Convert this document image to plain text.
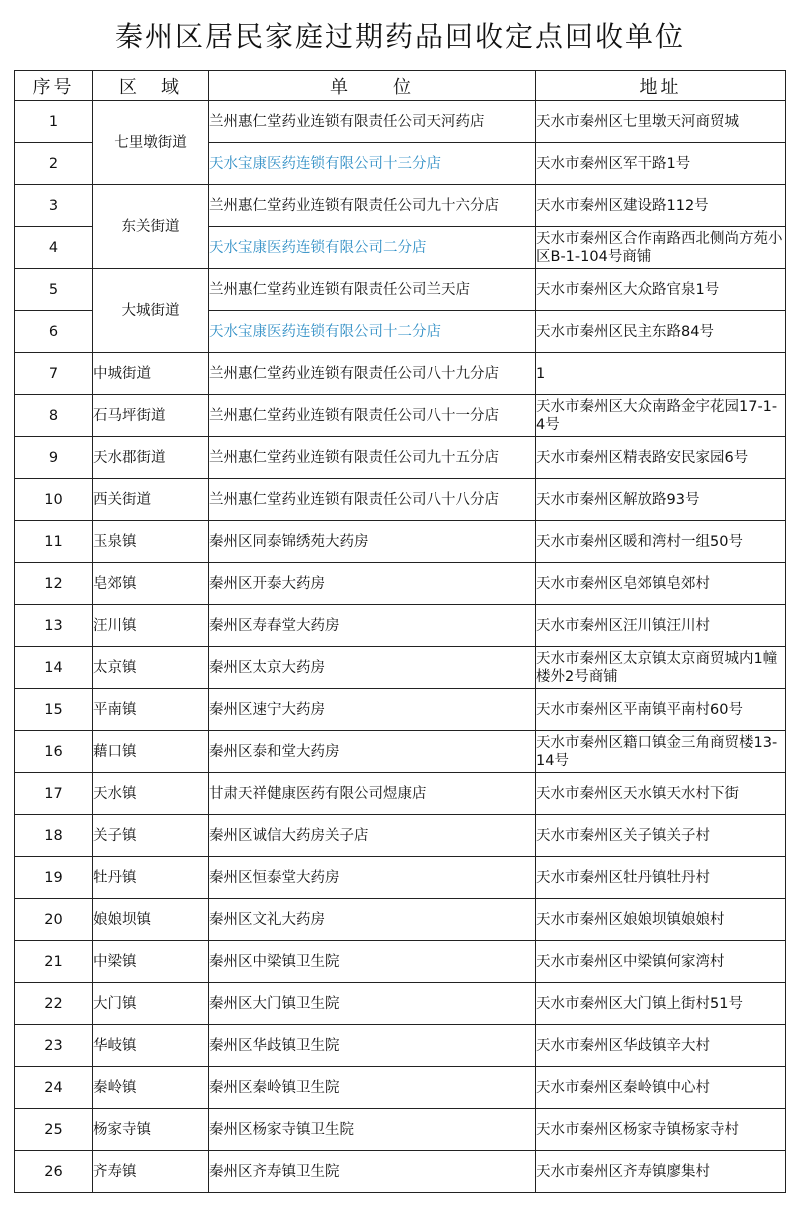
秦州区居民家庭过期药品回收定点回收单位
序号	区　域	单　　位	地址
1	七里墩街道	兰州惠仁堂药业连锁有限责任公司天河药店	天水市秦州区七里墩天河商贸城
2		天水宝康医药连锁有限公司十三分店	天水市秦州区军干路1号
3	东关街道	兰州惠仁堂药业连锁有限责任公司九十六分店	天水市秦州区建设路112号
4		天水宝康医药连锁有限公司二分店	天水市秦州区合作南路西北侧尚方苑小区B-1-104号商铺
5	大城街道	兰州惠仁堂药业连锁有限责任公司兰天店	天水市秦州区大众路官泉1号
6		天水宝康医药连锁有限公司十二分店	天水市秦州区民主东路84号
7	中城街道	兰州惠仁堂药业连锁有限责任公司八十九分店	1
8	石马坪街道	兰州惠仁堂药业连锁有限责任公司八十一分店	天水市秦州区大众南路金宇花园17-1-4号
9	天水郡街道	兰州惠仁堂药业连锁有限责任公司九十五分店	天水市秦州区精表路安民家园6号
10	西关街道	兰州惠仁堂药业连锁有限责任公司八十八分店	天水市秦州区解放路93号
11	玉泉镇	秦州区同泰锦绣苑大药房	天水市秦州区暖和湾村一组50号
12	皂郊镇	秦州区开泰大药房	天水市秦州区皂郊镇皂郊村
13	汪川镇	秦州区寿春堂大药房	天水市秦州区汪川镇汪川村
14	太京镇	秦州区太京大药房	天水市秦州区太京镇太京商贸城内1幢楼外2号商铺
15	平南镇	秦州区速宁大药房	天水市秦州区平南镇平南村60号
16	藉口镇	秦州区泰和堂大药房	天水市秦州区籍口镇金三角商贸楼13-14号
17	天水镇	甘肃天祥健康医药有限公司煜康店	天水市秦州区天水镇天水村下街
18	关子镇	秦州区诚信大药房关子店	天水市秦州区关子镇关子村
19	牡丹镇	秦州区恒泰堂大药房	天水市秦州区牡丹镇牡丹村
20	娘娘坝镇	秦州区文礼大药房	天水市秦州区娘娘坝镇娘娘村
21	中梁镇	秦州区中梁镇卫生院	天水市秦州区中梁镇何家湾村
22	大门镇	秦州区大门镇卫生院	天水市秦州区大门镇上街村51号
23	华岐镇	秦州区华歧镇卫生院	天水市秦州区华歧镇辛大村
24	秦岭镇	秦州区秦岭镇卫生院	天水市秦州区秦岭镇中心村
25	杨家寺镇	秦州区杨家寺镇卫生院	天水市秦州区杨家寺镇杨家寺村
26	齐寿镇	秦州区齐寿镇卫生院	天水市秦州区齐寿镇廖集村
